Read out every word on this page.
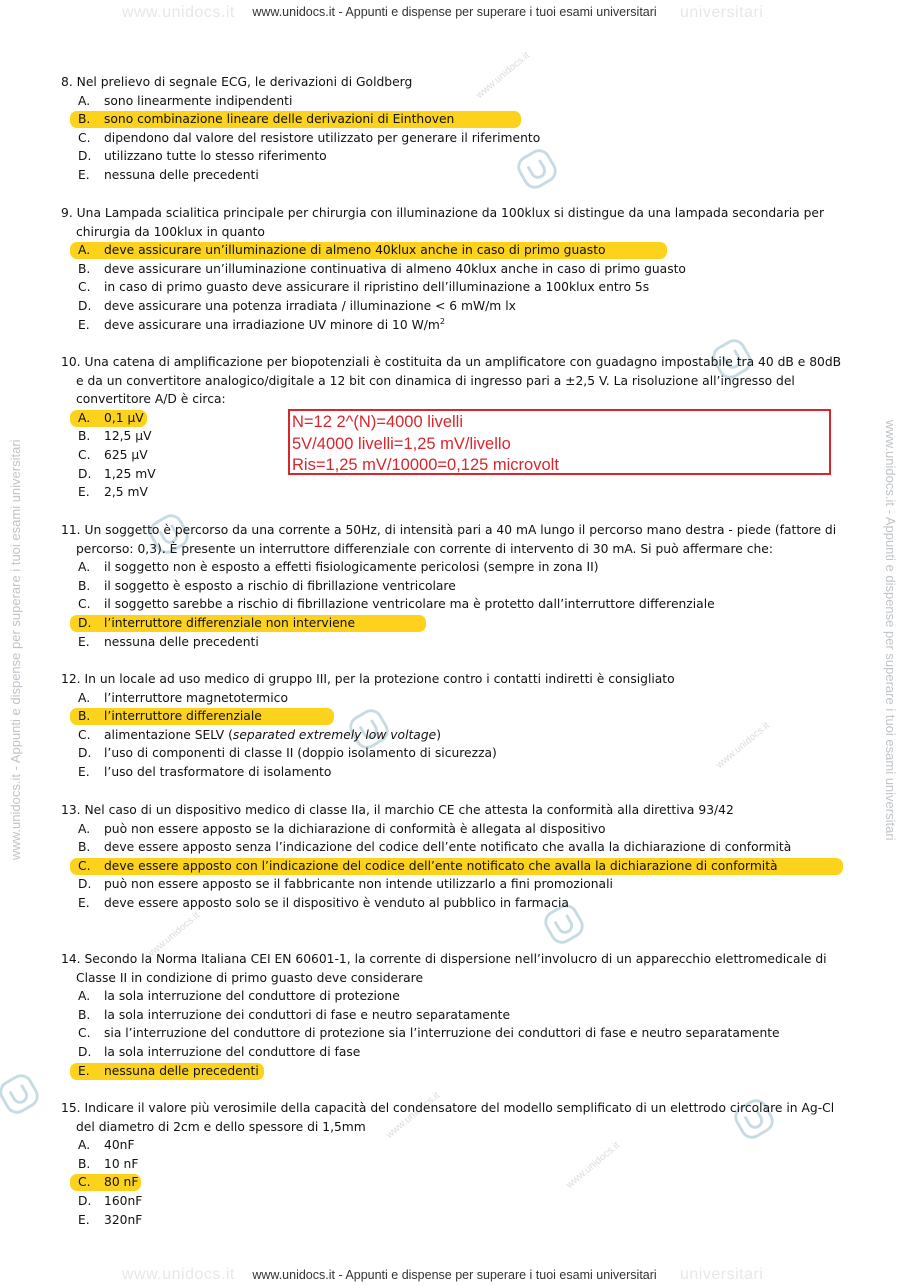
www.unidocs.it	universitari
www.unidocs.it	universitari
www.unidocs.it - Appunti e dispense per superare i tuoi esami universitari	www.unidocs.it - Appunti e dispense per superare i tuoi esami universitari
www.unidocs.it
www.unidocs.it
www.unidocs.it
www.unidocs.it
www.unidocs.it
www.unidocs.it - Appunti e dispense per superare i tuoi esami universitari
www.unidocs.it - Appunti e dispense per superare i tuoi esami universitari
8. Nel prelievo di segnale ECG, le derivazioni di Goldberg
A. sono linearmente indipendenti
B. sono combinazione lineare delle derivazioni di Einthoven
C. dipendono dal valore del resistore utilizzato per generare il riferimento
D. utilizzano tutte lo stesso riferimento
E. nessuna delle precedenti
9. Una Lampada scialitica principale per chirurgia con illuminazione da 100klux si distingue da una lampada secondaria per chirurgia da 100klux in quanto
A. deve assicurare un’illuminazione di almeno 40klux anche in caso di primo guasto
B. deve assicurare un’illuminazione continuativa di almeno 40klux anche in caso di primo guasto
C. in caso di primo guasto deve assicurare il ripristino dell’illuminazione a 100klux entro 5s
D. deve assicurare una potenza irradiata / illuminazione < 6 mW/m lx
E. deve assicurare una irradiazione UV minore di 10 $W/m^2$
10. Una catena di amplificazione per biopotenziali è costituita da un amplificatore con guadagno impostabile tra 40 dB e 80dB e da un convertitore analogico/digitale a 12 bit con dinamica di ingresso pari a ±2,5 V. La risoluzione all’ingresso del convertitore A/D è circa:
A. 0,1 µV
B. 12,5 µV
C. 625 µV
D. 1,25 mV
E. 2,5 mV
N=12 2^(N)=4000 livelli
5V/4000 livelli=1,25 mV/livello
Ris=1,25 mV/10000=0,125 microvolt
11. Un soggetto è percorso da una corrente a 50Hz, di intensità pari a 40 mA lungo il percorso mano destra - piede (fattore di percorso: 0,3). È presente un interruttore differenziale con corrente di intervento di 30 mA. Si può affermare che:
A. il soggetto non è esposto a effetti fisiologicamente pericolosi (sempre in zona II)
B. il soggetto è esposto a rischio di fibrillazione ventricolare
C. il soggetto sarebbe a rischio di fibrillazione ventricolare ma è protetto dall’interruttore differenziale
D. l’interruttore differenziale non interviene
E. nessuna delle precedenti
12. In un locale ad uso medico di gruppo III, per la protezione contro i contatti indiretti è consigliato
A. l’interruttore magnetotermico
B. l’interruttore differenziale
C. alimentazione SELV (separated extremely low voltage)
D. l’uso di componenti di classe II (doppio isolamento di sicurezza)
E. l’uso del trasformatore di isolamento
13. Nel caso di un dispositivo medico di classe IIa, il marchio CE che attesta la conformità alla direttiva 93/42
A. può non essere apposto se la dichiarazione di conformità è allegata al dispositivo
B. deve essere apposto senza l’indicazione del codice dell’ente notificato che avalla la dichiarazione di conformità
C. deve essere apposto con l’indicazione del codice dell’ente notificato che avalla la dichiarazione di conformità
D. può non essere apposto se il fabbricante non intende utilizzarlo a fini promozionali
E. deve essere apposto solo se il dispositivo è venduto al pubblico in farmacia
14. Secondo la Norma Italiana CEI EN 60601-1, la corrente di dispersione nell’involucro di un apparecchio elettromedicale di Classe II in condizione di primo guasto deve considerare
A. la sola interruzione del conduttore di protezione
B. la sola interruzione dei conduttori di fase e neutro separatamente
C. sia l’interruzione del conduttore di protezione sia l’interruzione dei conduttori di fase e neutro separatamente
D. la sola interruzione del conduttore di fase
E. nessuna delle precedenti
15. Indicare il valore più verosimile della capacità del condensatore del modello semplificato di un elettrodo circolare in Ag-Cl del diametro di 2cm e dello spessore di 1,5mm
A. 40nF
B. 10 nF
C. 80 nF
D. 160nF
E. 320nF
